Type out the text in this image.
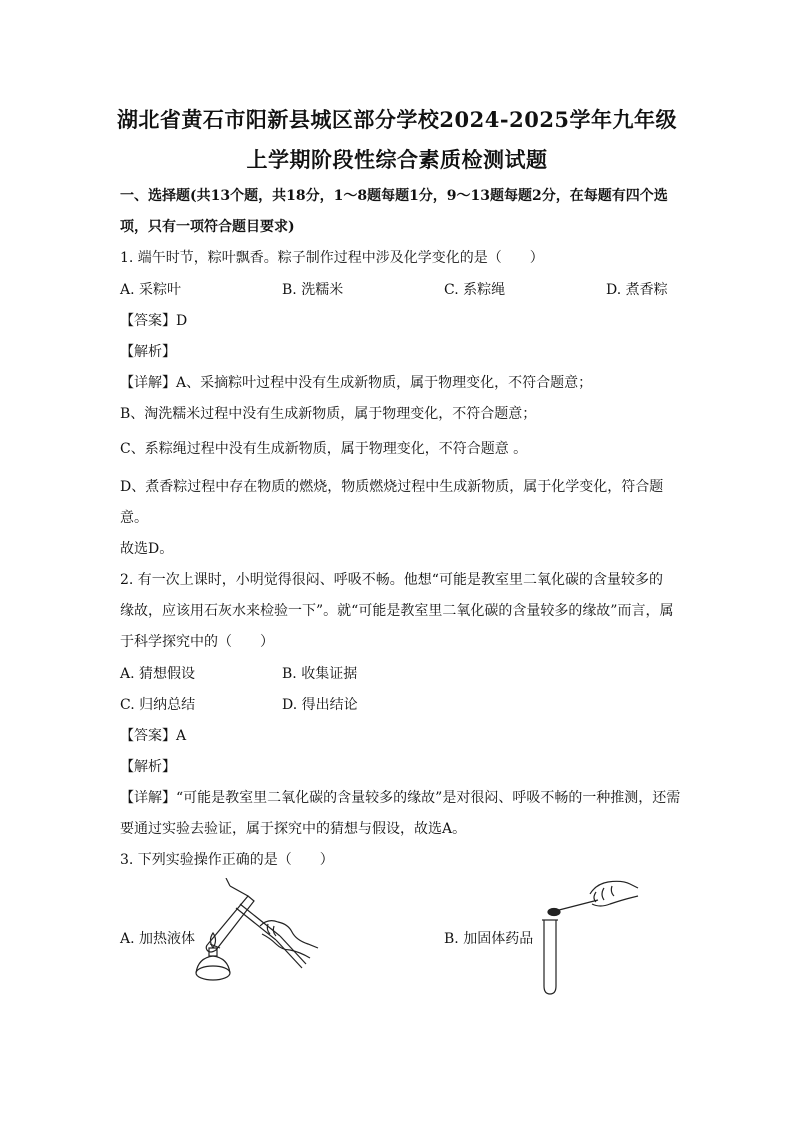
湖北省黄石市阳新县城区部分学校2024-2025学年九年级
上学期阶段性综合素质检测试题
一、选择题(共13个题，共18分，1～8题每题1分，9～13题每题2分，在每题有四个选
项，只有一项符合题目要求)
1. 端午时节，粽叶飘香。粽子制作过程中涉及化学变化的是（　　）
A. 采粽叶	B. 洗糯米	C. 系粽绳	D. 煮香粽
【答案】D
【解析】
【详解】A、采摘粽叶过程中没有生成新物质，属于物理变化，不符合题意；
B、淘洗糯米过程中没有生成新物质，属于物理变化，不符合题意；
C、系粽绳过程中没有生成新物质，属于物理变化，不符合题意 。
D、煮香粽过程中存在物质的燃烧，物质燃烧过程中生成新物质，属于化学变化，符合题
意。
故选D。
2. 有一次上课时，小明觉得很闷、呼吸不畅。他想“可能是教室里二氧化碳的含量较多的
缘故，应该用石灰水来检验一下”。就“可能是教室里二氧化碳的含量较多的缘故”而言，属
于科学探究中的（　　）
A. 猜想假设	B. 收集证据
C. 归纳总结	D. 得出结论
【答案】A
【解析】
【详解】“可能是教室里二氧化碳的含量较多的缘故”是对很闷、呼吸不畅的一种推测，还需
要通过实验去验证，属于探究中的猜想与假设，故选A。
3. 下列实验操作正确的是（　　）
A. 加热液体	B. 加固体药品
